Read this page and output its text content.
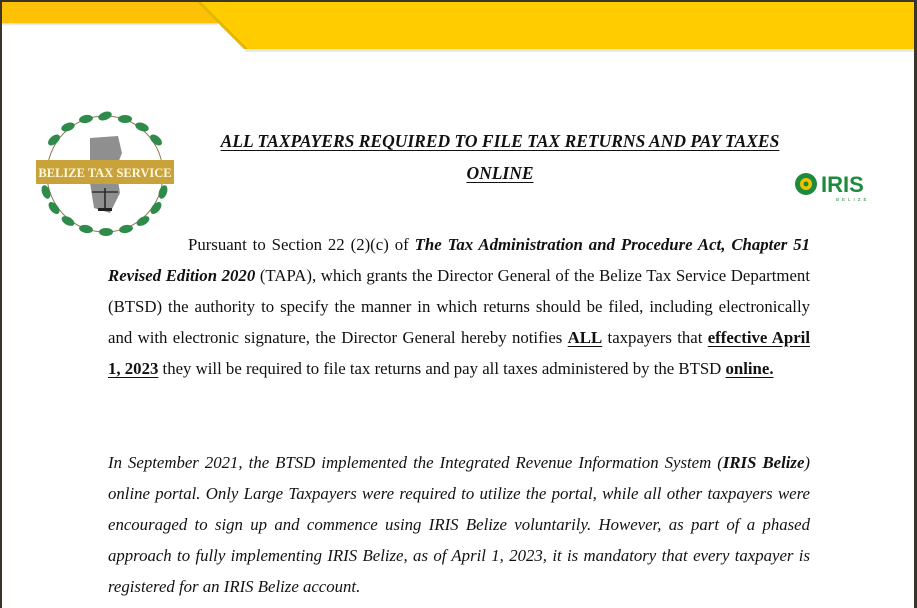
BELIZE TAX SERVICE	IRIS
BELIZE
ALL TAXPAYERS REQUIRED TO FILE TAX RETURNS AND PAY TAXES
ONLINE
Pursuant to Section 22 (2)(c) of The Tax Administration and Procedure Act, Chapter 51 Revised Edition 2020 (TAPA), which grants the Director General of the Belize Tax Service Department (BTSD) the authority to specify the manner in which returns should be filed, including electronically and with electronic signature, the Director General hereby notifies ALL taxpayers that effective April 1, 2023 they will be required to file tax returns and pay all taxes administered by the BTSD online.
In September 2021, the BTSD implemented the Integrated Revenue Information System (IRIS Belize) online portal. Only Large Taxpayers were required to utilize the portal, while all other taxpayers were encouraged to sign up and commence using IRIS Belize voluntarily. However, as part of a phased approach to fully implementing IRIS Belize, as of April 1, 2023, it is mandatory that every taxpayer is registered for an IRIS Belize account.
